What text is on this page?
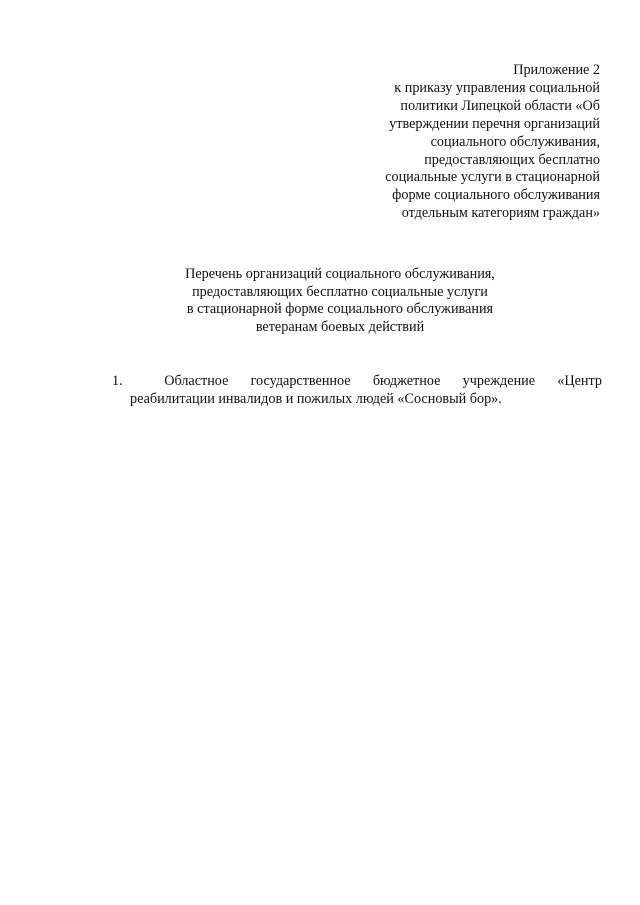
Приложение 2
к приказу управления социальной
политики Липецкой области «Об
утверждении перечня организаций
социального обслуживания,
предоставляющих бесплатно
социальные услуги в стационарной
форме социального обслуживания
отдельным категориям граждан»
Перечень организаций социального обслуживания,
предоставляющих бесплатно социальные услуги
в стационарной форме социального обслуживания
ветеранам боевых действий
1.	Областное государственное бюджетное учреждение «Центр
реабилитации инвалидов и пожилых людей «Сосновый бор».
